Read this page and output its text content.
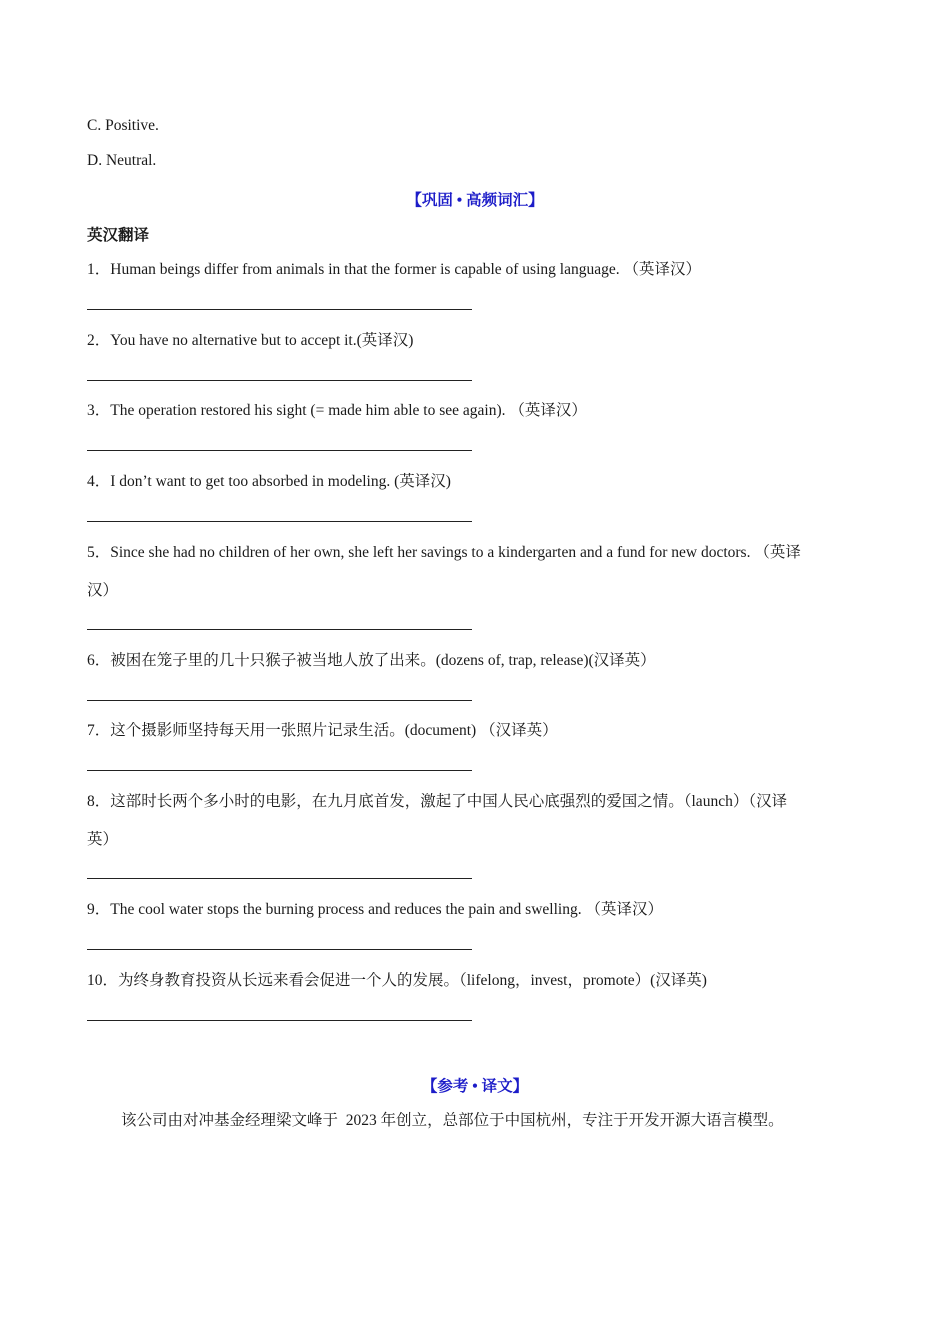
C. Positive.
D. Neutral.
【巩固 • 高频词汇】
英汉翻译
1．Human beings differ from animals in that the former is capable of using language. （英译汉）
2．You have no alternative but to accept it.(英译汉)
3．The operation restored his sight (= made him able to see again). （英译汉）
4．I don’t want to get too absorbed in modeling. (英译汉)
5．Since she had no children of her own, she left her savings to a kindergarten and a fund for new doctors. （英译
汉）
6．被困在笼子里的几十只猴子被当地人放了出来。(dozens of, trap, release)(汉译英）
7．这个摄影师坚持每天用一张照片记录生活。(document) （汉译英）
8．这部时长两个多小时的电影，在九月底首发，激起了中国人民心底强烈的爱国之情。（launch）（汉译
英）
9．The cool water stops the burning process and reduces the pain and swelling. （英译汉）
10．为终身教育投资从长远来看会促进一个人的发展。（lifelong，invest，promote）(汉译英)
【参考 • 译文】
该公司由对冲基金经理梁文峰于  2023 年创立，总部位于中国杭州，专注于开发开源大语言模型。
